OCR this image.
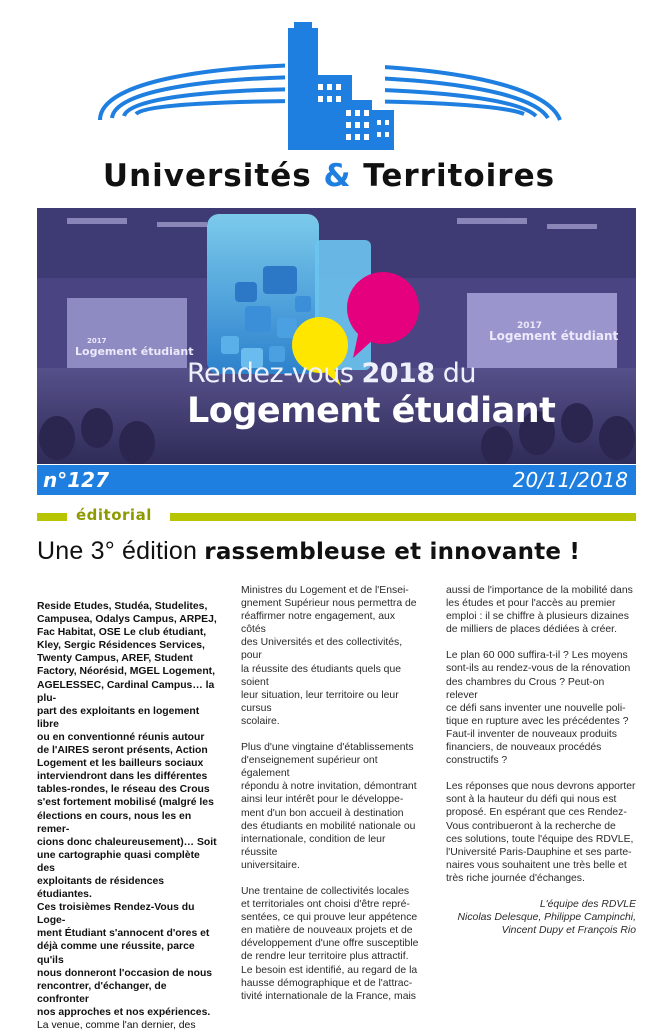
Universités & Territoires
2017
Logement étudiant
2017
Logement étudiant
Rendez-vous 2018 du
Logement étudiant
n°127	20/11/2018
éditorial
Une 3° édition rassembleuse et innovante !

Reside Etudes, Studéa, Studelites,
Campusea, Odalys Campus, ARPEJ,
Fac Habitat, OSE Le club étudiant,
Kley, Sergic Résidences Services,
Twenty Campus, AREF, Student
Factory, Néorésid, MGEL Logement,
AGELESSEC, Cardinal Campus… la plu-
part des exploitants en logement libre
ou en conventionné réunis autour
de l'AIRES seront présents, Action
Logement et les bailleurs sociaux
interviendront dans les différentes
tables-rondes, le réseau des Crous
s'est fortement mobilisé (malgré les
élections en cours, nous les en remer-
cions donc chaleureusement)… Soit
une cartographie quasi complète des
exploitants de résidences étudiantes.
Ces troisièmes Rendez-Vous du Loge-
ment Étudiant s'annocent d'ores et
déjà comme une réussite, parce qu'ils
nous donneront l'occasion de nous
rencontrer, d'échanger, de confronter
nos approches et nos expériences.

La venue, comme l'an dernier, des

Ministres du Logement et de l'Ensei-
gnement Supérieur nous permettra de
réaffirmer notre engagement, aux côtés
des Universités et des collectivités, pour
la réussite des étudiants quels que soient
leur situation, leur territoire ou leur cursus
scolaire.

Plus d'une vingtaine d'établissements
d'enseignement supérieur ont également
répondu à notre invitation, démontrant
ainsi leur intérêt pour le développe-
ment d'un bon accueil à destination
des étudiants en mobilité nationale ou
internationale, condition de leur réussite
universitaire.

Une trentaine de collectivités locales
et territoriales ont choisi d'être repré-
sentées, ce qui prouve leur appétence
en matière de nouveaux projets et de
développement d'une offre susceptible
de rendre leur territoire plus attractif.
Le besoin est identifié, au regard de la
hausse démographique et de l'attrac-
tivité internationale de la France, mais

aussi de l'importance de la mobilité dans
les études et pour l'accès au premier
emploi : il se chiffre à plusieurs dizaines
de milliers de places dédiées à créer.

Le plan 60 000 suffira-t-il ? Les moyens
sont-ils au rendez-vous de la rénovation
des chambres du Crous ? Peut-on relever
ce défi sans inventer une nouvelle poli-
tique en rupture avec les précédentes ?
Faut-il inventer de nouveaux produits
financiers, de nouveaux procédés
constructifs ?

Les réponses que nous devrons apporter
sont à la hauteur du défi qui nous est
proposé. En espérant que ces Rendez-
Vous contribueront à la recherche de
ces solutions, toute l'équipe des RDVLE,
l'Université Paris-Dauphine et ses parte-
naires vous souhaitent une très belle et
très riche journée d'échanges.

L'équipe des RDVLE
Nicolas Delesque, Philippe Campinchi,
Vincent Dupy et François Rio
